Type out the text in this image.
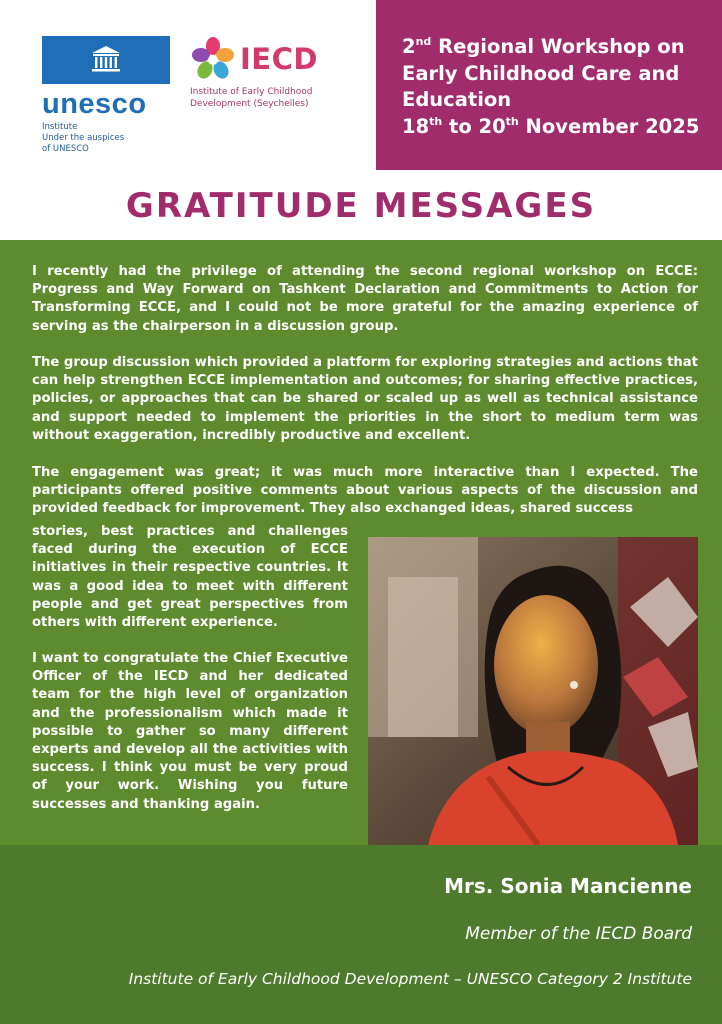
unesco
Institute
Under the auspices
of UNESCO
IECD
Institute of Early Childhood
Development (Seychelles)
2nd Regional Workshop on
Early Childhood Care and
Education
18th to 20th November 2025
GRATITUDE MESSAGES
I recently had the privilege of attending the second regional workshop on ECCE: Progress and Way Forward on Tashkent Declaration and Commitments to Action for Transforming ECCE, and I could not be more grateful for the amazing experience of serving as the chairperson in a discussion group.
The group discussion which provided a platform for exploring strategies and actions that can help strengthen ECCE implementation and outcomes; for sharing effective practices, policies, or approaches that can be shared or scaled up as well as technical assistance and support needed to implement the priorities in the short to medium term was without exaggeration, incredibly productive and excellent.
The engagement was great; it was much more interactive than I expected. The participants offered positive comments about various aspects of the discussion and provided feedback for improvement. They also exchanged ideas, shared success
stories, best practices and challenges faced during the execution of ECCE initiatives in their respective countries. It was a good idea to meet with different people and get great perspectives from others with different experience.
I want to congratulate the Chief Executive Officer of the IECD and her dedicated team for the high level of organization and the professionalism which made it possible to gather so many different experts and develop all the activities with success. I think you must be very proud of your work. Wishing you future successes and thanking again.
Mrs. Sonia Mancienne
Member of the IECD Board
Institute of Early Childhood Development – UNESCO Category 2 Institute
